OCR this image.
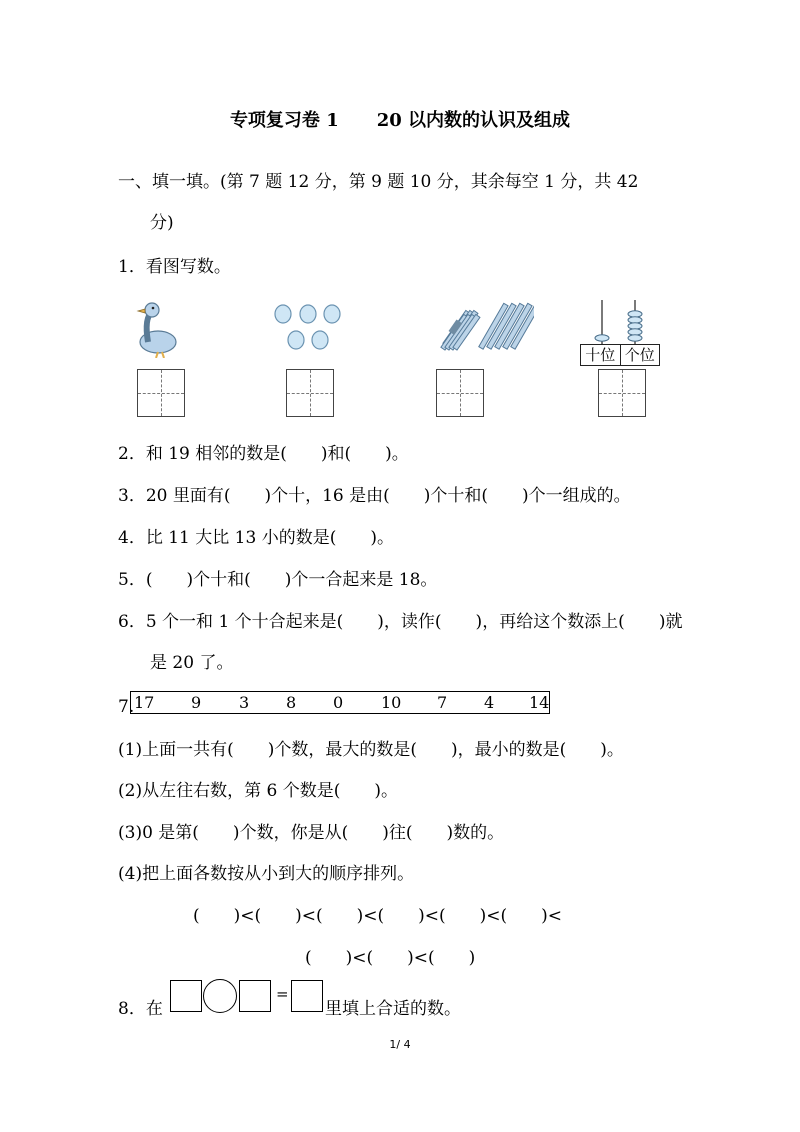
专项复习卷 1 20 以内数的认识及组成
一、填一填。(第 7 题 12 分，第 9 题 10 分，其余每空 1 分，共 42
分)
1．看图写数。
十位 个位
2．和 19 相邻的数是(　　)和(　　)。
3．20 里面有(　　)个十，16 是由(　　)个十和(　　)个一组成的。
4．比 11 大比 13 小的数是(　　)。
5．(　　)个十和(　　)个一合起来是 18。
6．5 个一和 1 个十合起来是(　　)，读作(　　)，再给这个数添上(　　)就
是 20 了。
7. 17 9 3 8 0 10 7 4 14
(1)上面一共有(　　)个数，最大的数是(　　)，最小的数是(　　)。
(2)从左往右数，第 6 个数是(　　)。
(3)0 是第(　　)个数，你是从(　　)往(　　)数的。
(4)把上面各数按从小到大的顺序排列。
(　　)<(　　)<(　　)<(　　)<(　　)<(　　)<
(　　)<(　　)<(　　)
8．在
=
里填上合适的数。
1/ 4
